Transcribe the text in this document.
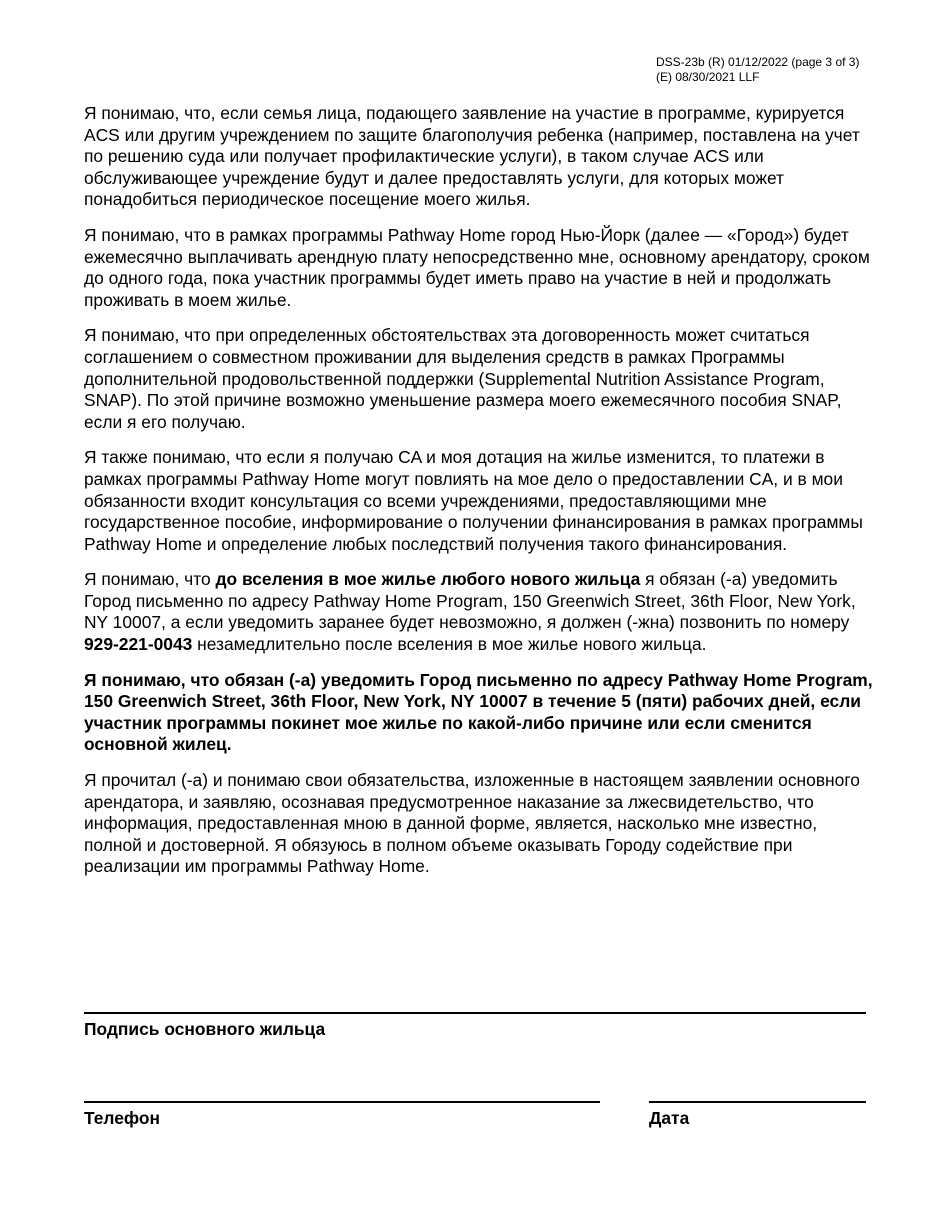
DSS-23b (R) 01/12/2022 (page 3 of 3)
(E) 08/30/2021 LLF

Я понимаю, что, если семья лица, подающего заявление на участие в программе, курируется ACS или другим учреждением по защите благополучия ребенка (например, поставлена на учет по решению суда или получает профилактические услуги), в таком случае ACS или обслуживающее учреждение будут и далее предоставлять услуги, для которых может понадобиться периодическое посещение моего жилья.

Я понимаю, что в рамках программы Pathway Home город Нью-Йорк (далее — «Город») будет ежемесячно выплачивать арендную плату непосредственно мне, основному арендатору, сроком до одного года, пока участник программы будет иметь право на участие в ней и продолжать проживать в моем жилье.

Я понимаю, что при определенных обстоятельствах эта договоренность может считаться соглашением о совместном проживании для выделения средств в рамках Программы дополнительной продовольственной поддержки (Supplemental Nutrition Assistance Program, SNAP). По этой причине возможно уменьшение размера моего ежемесячного пособия SNAP, если я его получаю.

Я также понимаю, что если я получаю CA и моя дотация на жилье изменится, то платежи в рамках программы Pathway Home могут повлиять на мое дело о предоставлении CA, и в мои обязанности входит консультация со всеми учреждениями, предоставляющими мне государственное пособие, информирование о получении финансирования в рамках программы Pathway Home и определение любых последствий получения такого финансирования.

Я понимаю, что до вселения в мое жилье любого нового жильца я обязан (-а) уведомить Город письменно по адресу Pathway Home Program, 150 Greenwich Street, 36th Floor, New York, NY 10007, а если уведомить заранее будет невозможно, я должен (-жна) позвонить по номеру 929-221-0043 незамедлительно после вселения в мое жилье нового жильца.

Я понимаю, что обязан (-а) уведомить Город письменно по адресу Pathway Home Program, 150 Greenwich Street, 36th Floor, New York, NY 10007 в течение 5 (пяти) рабочих дней, если участник программы покинет мое жилье по какой-либо причине или если сменится основной жилец.

Я прочитал (-а) и понимаю свои обязательства, изложенные в настоящем заявлении основного арендатора, и заявляю, осознавая предусмотренное наказание за лжесвидетельство, что информация, предоставленная мною в данной форме, является, насколько мне известно, полной и достоверной. Я обязуюсь в полном объеме оказывать Городу содействие при реализации им программы Pathway Home.

Подпись основного жильца
Телефон	Дата
